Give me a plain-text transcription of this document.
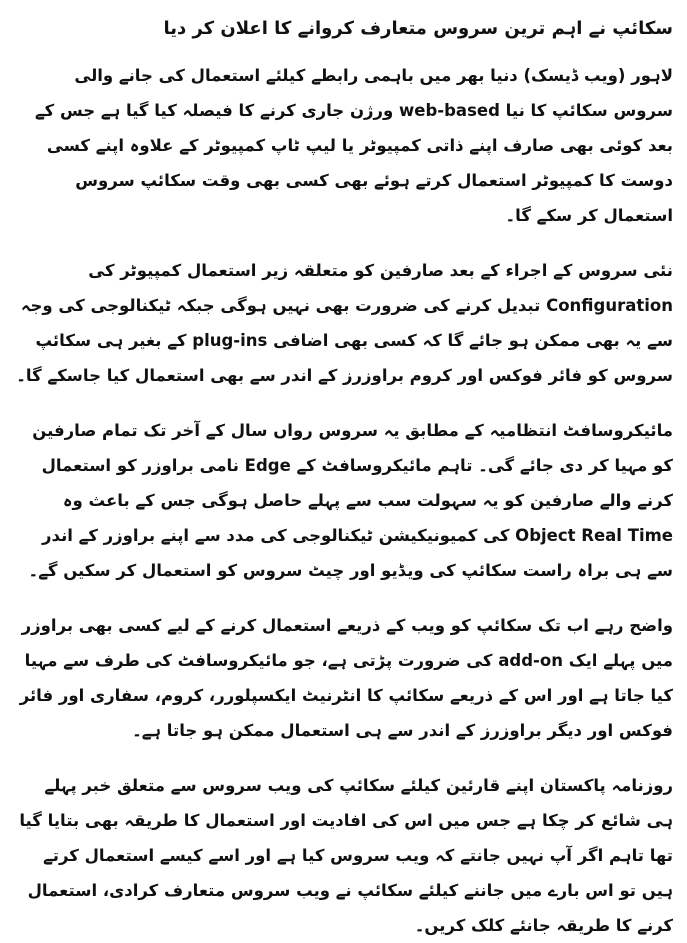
سکائپ نے اہم ترین سروس متعارف کروانے کا اعلان کر دیا

لاہور (ویب ڈیسک) دنیا بھر میں باہمی رابطے کیلئے استعمال کی جانے والی سروس سکائپ کا نیا web-based ورژن جاری کرنے کا فیصلہ کیا گیا ہے جس کے بعد کوئی بھی صارف اپنے ذاتی کمپیوٹر یا لیپ ٹاپ کمپیوٹر کے علاوہ اپنے کسی دوست کا کمپیوٹر استعمال کرتے ہوئے بھی کسی بھی وقت سکائپ سروس استعمال کر سکے گا۔

نئی سروس کے اجراء کے بعد صارفین کو متعلقہ زیر استعمال کمپیوٹر کی Configuration تبدیل کرنے کی ضرورت بھی نہیں ہوگی جبکہ ٹیکنالوجی کی وجہ سے یہ بھی ممکن ہو جائے گا کہ کسی بھی اضافی plug-ins کے بغیر ہی سکائپ سروس کو فائر فوکس اور کروم براوزرز کے اندر سے بھی استعمال کیا جاسکے گا۔

مائیکروسافٹ انتظامیہ کے مطابق یہ سروس رواں سال کے آخر تک تمام صارفین کو مہیا کر دی جائے گی۔ تاہم مائیکروسافٹ کے Edge نامی براوزر کو استعمال کرنے والے صارفین کو یہ سہولت سب سے پہلے حاصل ہوگی جس کے باعث وہ Object Real Time کی کمیونیکیشن ٹیکنالوجی کی مدد سے اپنے براوزر کے اندر سے ہی براہ راست سکائپ کی ویڈیو اور چیٹ سروس کو استعمال کر سکیں گے۔

واضح رہے اب تک سکائپ کو ویب کے ذریعے استعمال کرنے کے لیے کسی بھی براوزر میں پہلے ایک add-on کی ضرورت پڑتی ہے، جو مائیکروسافٹ کی طرف سے مہیا کیا جاتا ہے اور اس کے ذریعے سکائپ کا انٹرنیٹ ایکسپلورر، کروم، سفاری اور فائر فوکس اور دیگر براوزرز کے اندر سے ہی استعمال ممکن ہو جاتا ہے۔

روزنامہ پاکستان اپنے قارئین کیلئے سکائپ کی ویب سروس سے متعلق خبر پہلے ہی شائع کر چکا ہے جس میں اس کی افادیت اور استعمال کا طریقہ بھی بتایا گیا تھا تاہم اگر آپ نہیں جانتے کہ ویب سروس کیا ہے اور اسے کیسے استعمال کرتے ہیں تو اس بارے میں جاننے کیلئے سکائپ نے ویب سروس متعارف کرادی، استعمال کرنے کا طریقہ جانئے کلک کریں۔
